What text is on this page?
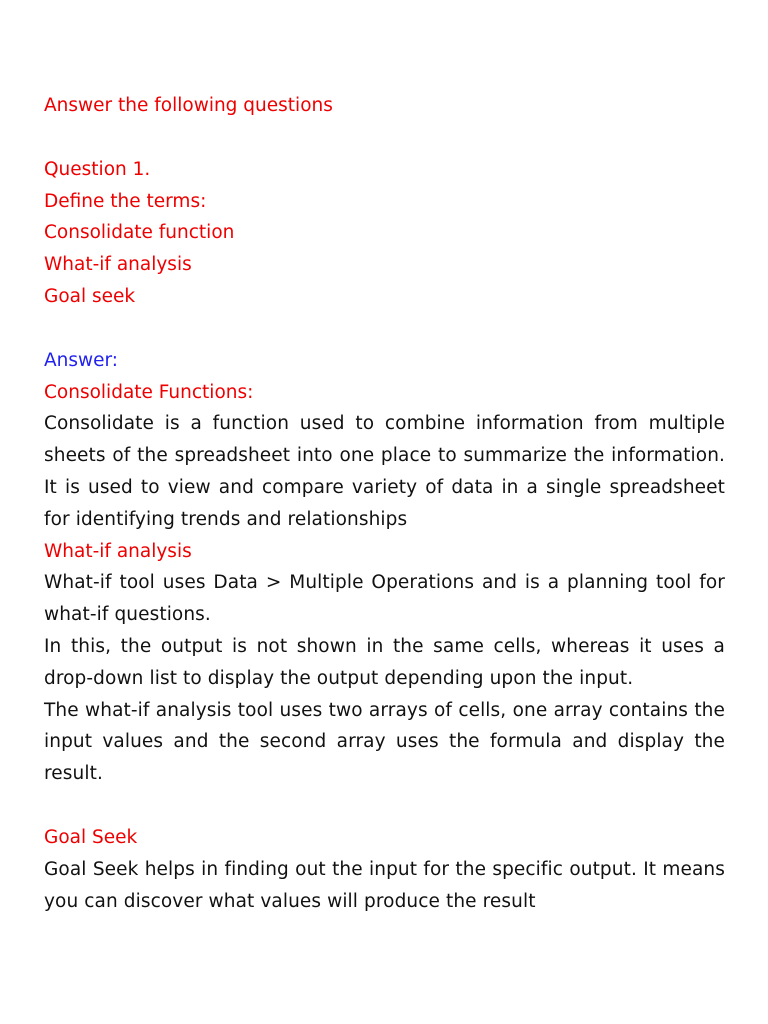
Answer the following questions
Question 1.
Define the terms:
Consolidate function
What-if analysis
Goal seek
Answer:
Consolidate Functions:
Consolidate is a function used to combine information from multiple sheets of the spreadsheet into one place to summarize the information. It is used to view and compare variety of data in a single spreadsheet for identifying trends and relationships
What-if analysis
What-if tool uses Data > Multiple Operations and is a planning tool for what-if questions.
In this, the output is not shown in the same cells, whereas it uses a drop-down list to display the output depending upon the input.
The what-if analysis tool uses two arrays of cells, one array contains the input values and the second array uses the formula and display the result.
Goal Seek
Goal Seek helps in finding out the input for the specific output. It means you can discover what values will produce the result
